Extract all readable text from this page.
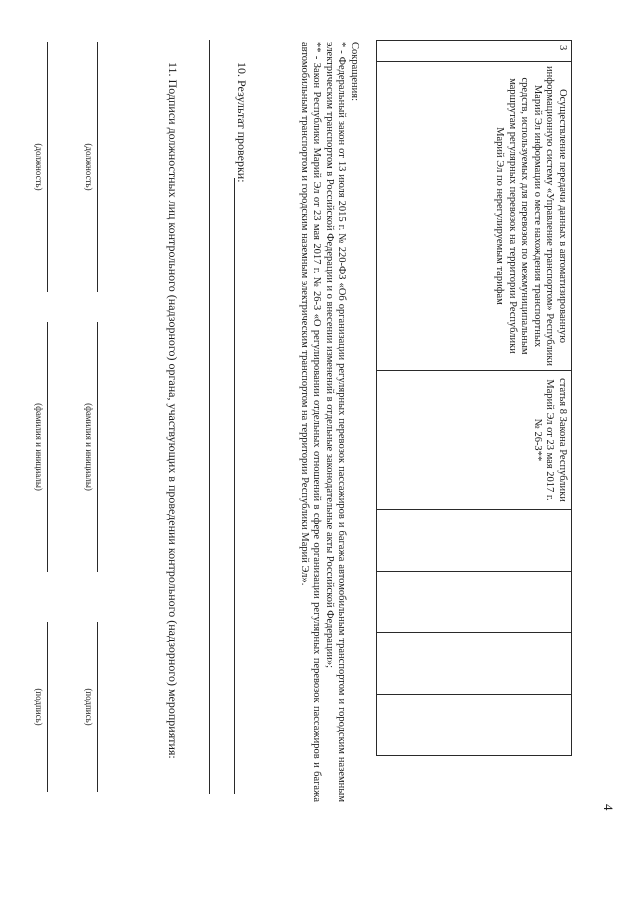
4
3	Осуществление передачи данных в автоматизированную информационную систему «Управление транспортом» Республики Марий Эл информации о месте нахождения транспортных средств, используемых для перевозок по межмуниципальным маршрутам регулярных перевозок на территории Республики Марий Эл по нерегулируемым тарифам	статья 8 Закона Республики Марий Эл от 23 мая 2017 г. № 26-З**				

Сокращения:

* - Федеральный закон от 13 июля 2015 г. № 220-ФЗ «Об организации регулярных перевозок пассажиров и багажа автомобильным транспортом и городским наземным электрическим транспортом в Российской Федерации и о внесении изменений в отдельные законодательные акты Российской Федерации»;

** - Закон Республики Марий Эл от 23 мая 2017 г. № 26-З «О регулировании отдельных отношений в сфере организации регулярных перевозок пассажиров и багажа автомобильным транспортом и городским наземным электрическим транспортом на территории Республики Марий Эл».

10. Результат проверки:
11. Подписи должностных лиц контрольного (надзорного) органа, участвующих в проведении контрольного (надзорного) мероприятия:
(должность)
(фамилия и инициалы)
(подпись)
(должность)
(фамилия и инициалы)
(подпись)
